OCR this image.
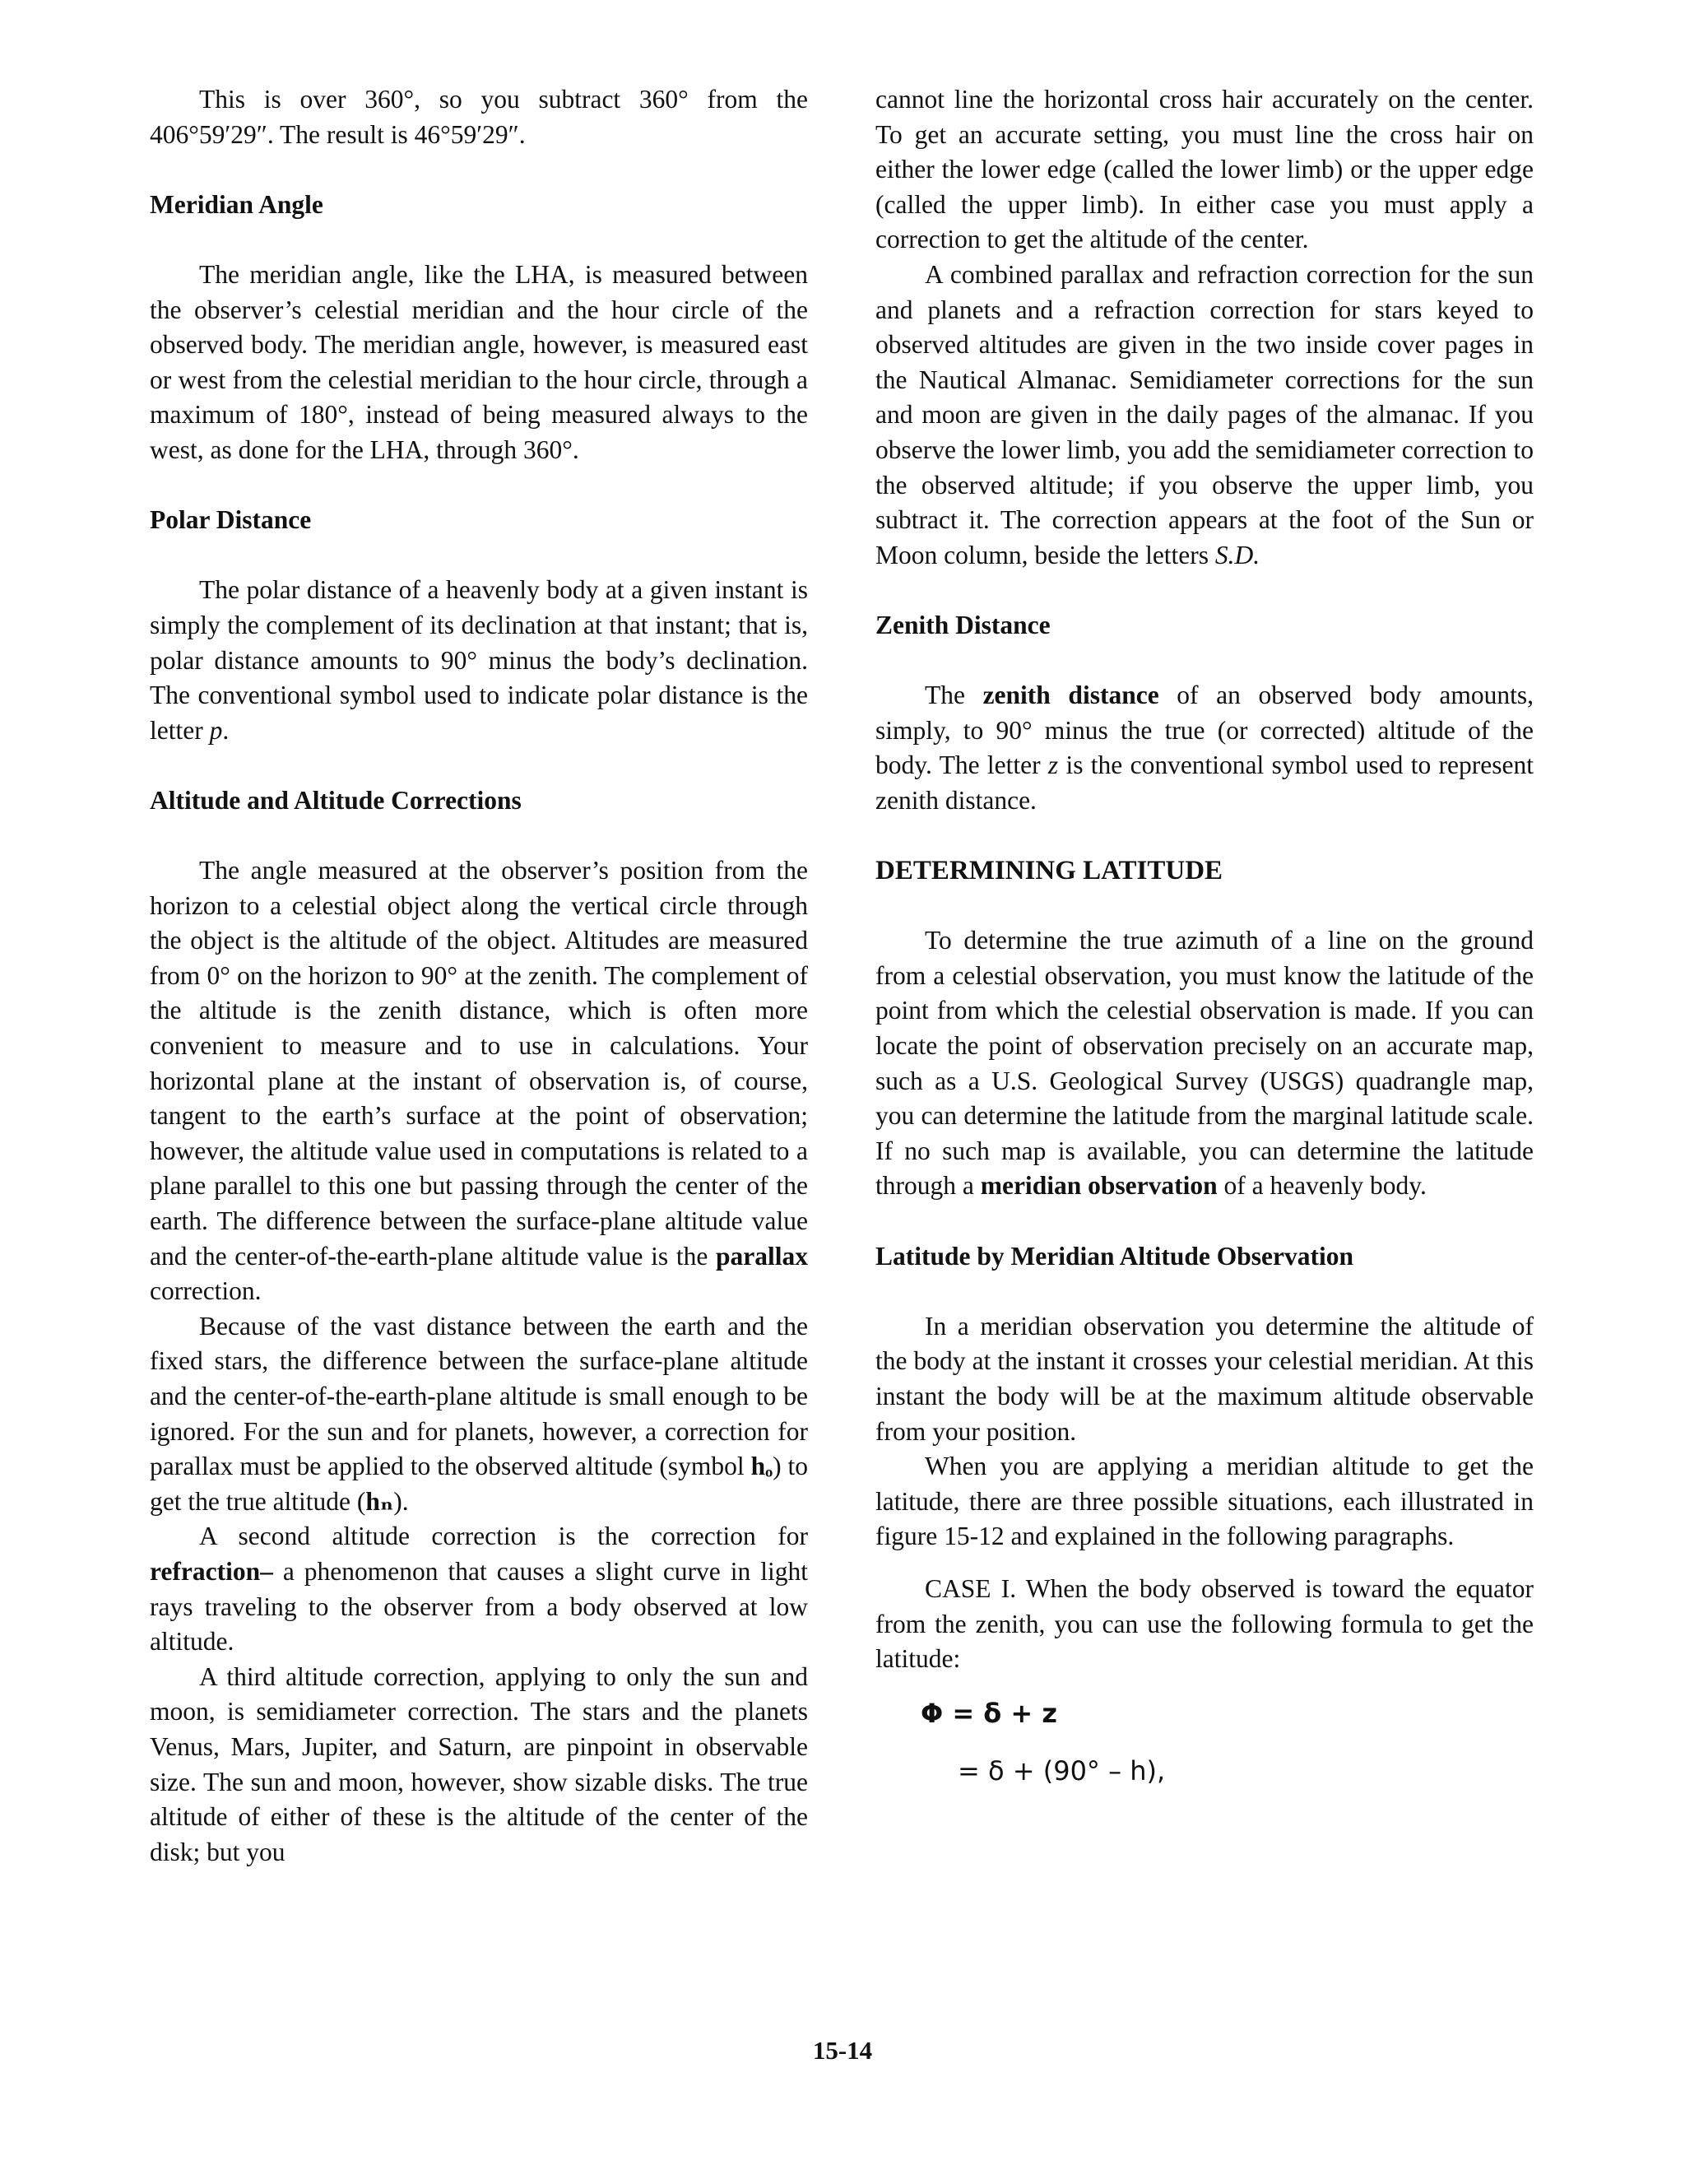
This is over 360°, so you subtract 360° from the 406°59′29″. The result is 46°59′29″.

Meridian Angle

The meridian angle, like the LHA, is measured between the observer’s celestial meridian and the hour circle of the observed body. The meridian angle, however, is measured east or west from the celestial meridian to the hour circle, through a maximum of 180°, instead of being measured always to the west, as done for the LHA, through 360°.

Polar Distance

The polar distance of a heavenly body at a given instant is simply the complement of its declination at that instant; that is, polar distance amounts to 90° minus the body’s declination. The conventional symbol used to indicate polar distance is the letter p.

Altitude and Altitude Corrections

The angle measured at the observer’s position from the horizon to a celestial object along the vertical circle through the object is the altitude of the object. Altitudes are measured from 0° on the horizon to 90° at the zenith. The complement of the altitude is the zenith distance, which is often more convenient to measure and to use in calculations. Your horizontal plane at the instant of observation is, of course, tangent to the earth’s surface at the point of observation; however, the altitude value used in computations is related to a plane parallel to this one but passing through the center of the earth. The difference between the surface-plane altitude value and the center-of-the-earth-plane altitude value is the parallax correction.

Because of the vast distance between the earth and the fixed stars, the difference between the surface-plane altitude and the center-of-the-earth-plane altitude is small enough to be ignored. For the sun and for planets, however, a correction for parallax must be applied to the observed altitude (symbol hₒ) to get the true altitude (hₙ).

A second altitude correction is the correction for refraction– a phenomenon that causes a slight curve in light rays traveling to the observer from a body observed at low altitude.

A third altitude correction, applying to only the sun and moon, is semidiameter correction. The stars and the planets Venus, Mars, Jupiter, and Saturn, are pinpoint in observable size. The sun and moon, however, show sizable disks. The true altitude of either of these is the altitude of the center of the disk; but you

cannot line the horizontal cross hair accurately on the center. To get an accurate setting, you must line the cross hair on either the lower edge (called the lower limb) or the upper edge (called the upper limb). In either case you must apply a correction to get the altitude of the center.

A combined parallax and refraction correction for the sun and planets and a refraction correction for stars keyed to observed altitudes are given in the two inside cover pages in the Nautical Almanac. Semidiameter corrections for the sun and moon are given in the daily pages of the almanac. If you observe the lower limb, you add the semidiameter correction to the observed altitude; if you observe the upper limb, you subtract it. The correction appears at the foot of the Sun or Moon column, beside the letters S.D.

Zenith Distance

The zenith distance of an observed body amounts, simply, to 90° minus the true (or corrected) altitude of the body. The letter z is the conventional symbol used to represent zenith distance.

DETERMINING LATITUDE

To determine the true azimuth of a line on the ground from a celestial observation, you must know the latitude of the point from which the celestial observation is made. If you can locate the point of observation precisely on an accurate map, such as a U.S. Geological Survey (USGS) quadrangle map, you can determine the latitude from the marginal latitude scale. If no such map is available, you can determine the latitude through a meridian observation of a heavenly body.

Latitude by Meridian Altitude Observation

In a meridian observation you determine the altitude of the body at the instant it crosses your celestial meridian. At this instant the body will be at the maximum altitude observable from your position.

When you are applying a meridian altitude to get the latitude, there are three possible situations, each illustrated in figure 15-12 and explained in the following paragraphs.

CASE I. When the body observed is toward the equator from the zenith, you can use the following formula to get the latitude:

Φ = δ + z
= δ + (90° – h),
15-14
